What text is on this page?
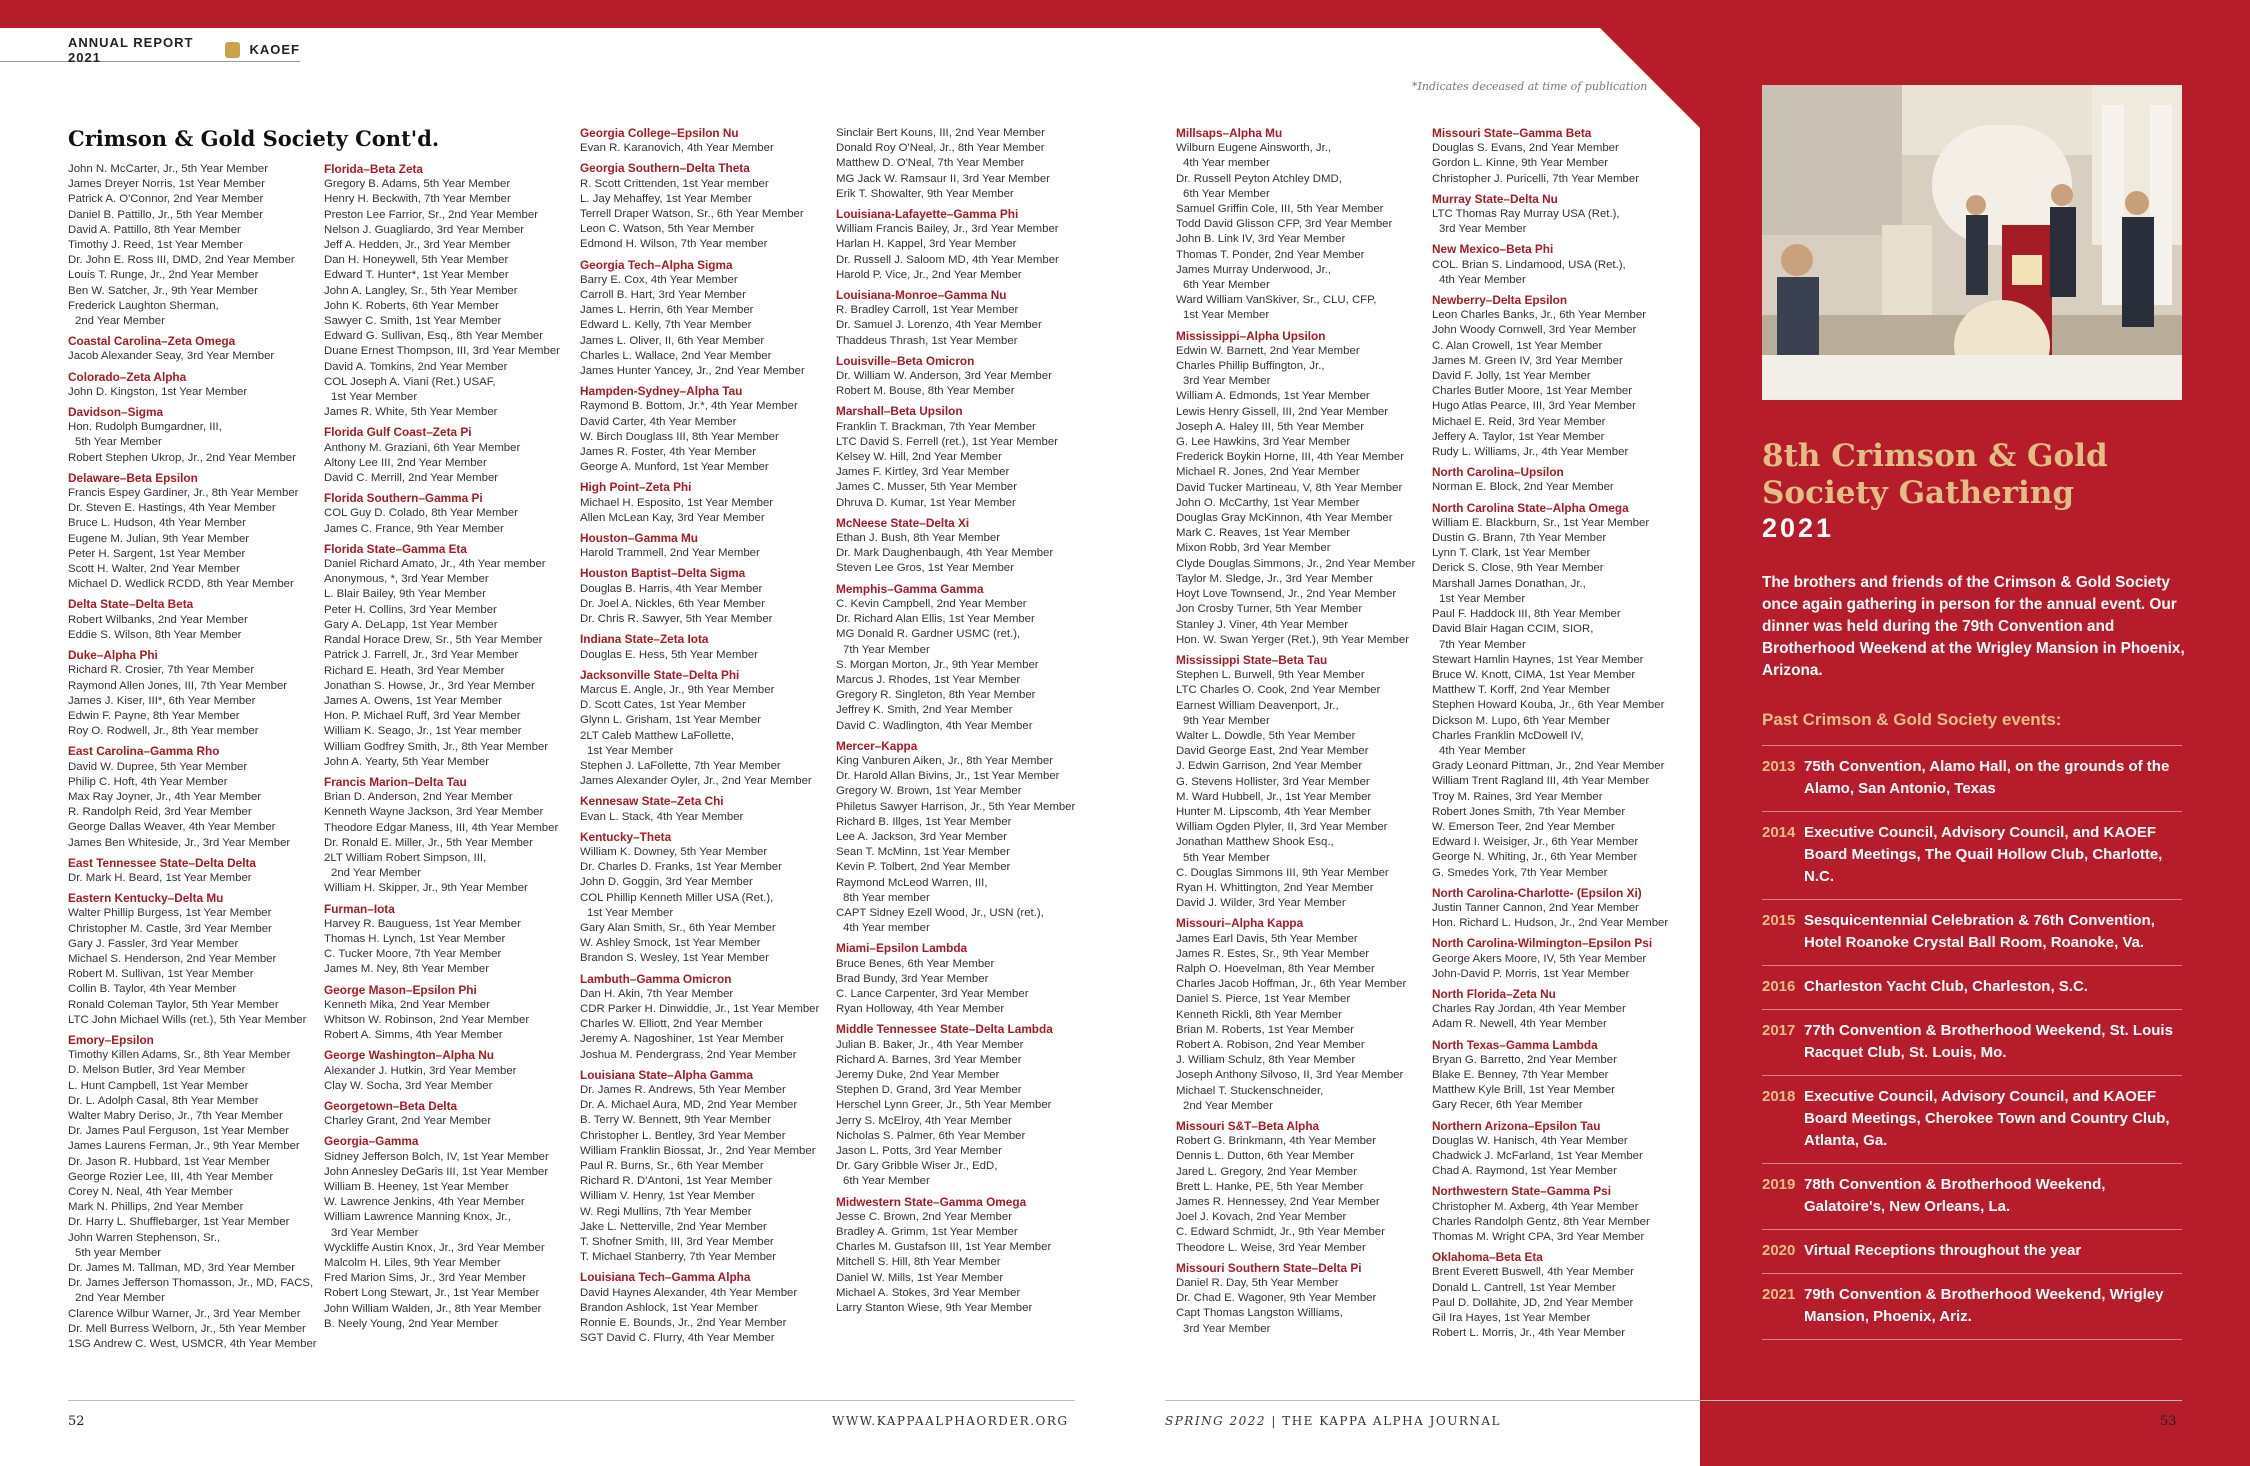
ANNUAL REPORT 2021	KAOEF
Crimson & Gold Society Cont'd.
*Indicates deceased at time of publication
John N. McCarter, Jr., 5th Year Member
James Dreyer Norris, 1st Year Member
Patrick A. O'Connor, 2nd Year Member
Daniel B. Pattillo, Jr., 5th Year Member
David A. Pattillo, 8th Year Member
Timothy J. Reed, 1st Year Member
Dr. John E. Ross III, DMD, 2nd Year Member
Louis T. Runge, Jr., 2nd Year Member
Ben W. Satcher, Jr., 9th Year Member
Frederick Laughton Sherman,
2nd Year Member
Coastal Carolina–Zeta Omega
Jacob Alexander Seay, 3rd Year Member
Colorado–Zeta Alpha
John D. Kingston, 1st Year Member
Davidson–Sigma
Hon. Rudolph Bumgardner, III,
5th Year Member
Robert Stephen Ukrop, Jr., 2nd Year Member
Delaware–Beta Epsilon
Francis Espey Gardiner, Jr., 8th Year Member
Dr. Steven E. Hastings, 4th Year Member
Bruce L. Hudson, 4th Year Member
Eugene M. Julian, 9th Year Member
Peter H. Sargent, 1st Year Member
Scott H. Walter, 2nd Year Member
Michael D. Wedlick RCDD, 8th Year Member
Delta State–Delta Beta
Robert Wilbanks, 2nd Year Member
Eddie S. Wilson, 8th Year Member
Duke–Alpha Phi
Richard R. Crosier, 7th Year Member
Raymond Allen Jones, III, 7th Year Member
James J. Kiser, III*, 6th Year Member
Edwin F. Payne, 8th Year Member
Roy O. Rodwell, Jr., 8th Year member
East Carolina–Gamma Rho
David W. Dupree, 5th Year Member
Philip C. Hoft, 4th Year Member
Max Ray Joyner, Jr., 4th Year Member
R. Randolph Reid, 3rd Year Member
George Dallas Weaver, 4th Year Member
James Ben Whiteside, Jr., 3rd Year Member
East Tennessee State–Delta Delta
Dr. Mark H. Beard, 1st Year Member
Eastern Kentucky–Delta Mu
Walter Phillip Burgess, 1st Year Member
Christopher M. Castle, 3rd Year Member
Gary J. Fassler, 3rd Year Member
Michael S. Henderson, 2nd Year Member
Robert M. Sullivan, 1st Year Member
Collin B. Taylor, 4th Year Member
Ronald Coleman Taylor, 5th Year Member
LTC John Michael Wills (ret.), 5th Year Member
Emory–Epsilon
Timothy Killen Adams, Sr., 8th Year Member
D. Melson Butler, 3rd Year Member
L. Hunt Campbell, 1st Year Member
Dr. L. Adolph Casal, 8th Year Member
Walter Mabry Deriso, Jr., 7th Year Member
Dr. James Paul Ferguson, 1st Year Member
James Laurens Ferman, Jr., 9th Year Member
Dr. Jason R. Hubbard, 1st Year Member
George Rozier Lee, III, 4th Year Member
Corey N. Neal, 4th Year Member
Mark N. Phillips, 2nd Year Member
Dr. Harry L. Shufflebarger, 1st Year Member
John Warren Stephenson, Sr.,
5th year Member
Dr. James M. Tallman, MD, 3rd Year Member
Dr. James Jefferson Thomasson, Jr., MD, FACS,
2nd Year Member
Clarence Wilbur Warner, Jr., 3rd Year Member
Dr. Mell Burress Welborn, Jr., 5th Year Member
1SG Andrew C. West, USMCR, 4th Year Member
Florida–Beta Zeta
Gregory B. Adams, 5th Year Member
Henry H. Beckwith, 7th Year Member
Preston Lee Farrior, Sr., 2nd Year Member
Nelson J. Guagliardo, 3rd Year Member
Jeff A. Hedden, Jr., 3rd Year Member
Dan H. Honeywell, 5th Year Member
Edward T. Hunter*, 1st Year Member
John A. Langley, Sr., 5th Year Member
John K. Roberts, 6th Year Member
Sawyer C. Smith, 1st Year Member
Edward G. Sullivan, Esq., 8th Year Member
Duane Ernest Thompson, III, 3rd Year Member
David A. Tomkins, 2nd Year Member
COL Joseph A. Viani (Ret.) USAF,
1st Year Member
James R. White, 5th Year Member
Florida Gulf Coast–Zeta Pi
Anthony M. Graziani, 6th Year Member
Altony Lee III, 2nd Year Member
David C. Merrill, 2nd Year Member
Florida Southern–Gamma Pi
COL Guy D. Colado, 8th Year Member
James C. France, 9th Year Member
Florida State–Gamma Eta
Daniel Richard Amato, Jr., 4th Year member
Anonymous, *, 3rd Year Member
L. Blair Bailey, 9th Year Member
Peter H. Collins, 3rd Year Member
Gary A. DeLapp, 1st Year Member
Randal Horace Drew, Sr., 5th Year Member
Patrick J. Farrell, Jr., 3rd Year Member
Richard E. Heath, 3rd Year Member
Jonathan S. Howse, Jr., 3rd Year Member
James A. Owens, 1st Year Member
Hon. P. Michael Ruff, 3rd Year Member
William K. Seago, Jr., 1st Year member
William Godfrey Smith, Jr., 8th Year Member
John A. Yearty, 5th Year Member
Francis Marion–Delta Tau
Brian D. Anderson, 2nd Year Member
Kenneth Wayne Jackson, 3rd Year Member
Theodore Edgar Maness, III, 4th Year Member
Dr. Ronald E. Miller, Jr., 5th Year Member
2LT William Robert Simpson, III,
2nd Year Member
William H. Skipper, Jr., 9th Year Member
Furman–Iota
Harvey R. Bauguess, 1st Year Member
Thomas H. Lynch, 1st Year Member
C. Tucker Moore, 7th Year Member
James M. Ney, 8th Year Member
George Mason–Epsilon Phi
Kenneth Mika, 2nd Year Member
Whitson W. Robinson, 2nd Year Member
Robert A. Simms, 4th Year Member
George Washington–Alpha Nu
Alexander J. Hutkin, 3rd Year Member
Clay W. Socha, 3rd Year Member
Georgetown–Beta Delta
Charley Grant, 2nd Year Member
Georgia–Gamma
Sidney Jefferson Bolch, IV, 1st Year Member
John Annesley DeGaris III, 1st Year Member
William B. Heeney, 1st Year Member
W. Lawrence Jenkins, 4th Year Member
William Lawrence Manning Knox, Jr.,
3rd Year Member
Wyckliffe Austin Knox, Jr., 3rd Year Member
Malcolm H. Liles, 9th Year Member
Fred Marion Sims, Jr., 3rd Year Member
Robert Long Stewart, Jr., 1st Year Member
John William Walden, Jr., 8th Year Member
B. Neely Young, 2nd Year Member
Georgia College–Epsilon Nu
Evan R. Karanovich, 4th Year Member
Georgia Southern–Delta Theta
R. Scott Crittenden, 1st Year member
L. Jay Mehaffey, 1st Year Member
Terrell Draper Watson, Sr., 6th Year Member
Leon C. Watson, 5th Year Member
Edmond H. Wilson, 7th Year member
Georgia Tech–Alpha Sigma
Barry E. Cox, 4th Year Member
Carroll B. Hart, 3rd Year Member
James L. Herrin, 6th Year Member
Edward L. Kelly, 7th Year Member
James L. Oliver, II, 6th Year Member
Charles L. Wallace, 2nd Year Member
James Hunter Yancey, Jr., 2nd Year Member
Hampden-Sydney–Alpha Tau
Raymond B. Bottom, Jr.*, 4th Year Member
David Carter, 4th Year Member
W. Birch Douglass III, 8th Year Member
James R. Foster, 4th Year Member
George A. Munford, 1st Year Member
High Point–Zeta Phi
Michael H. Esposito, 1st Year Member
Allen McLean Kay, 3rd Year Member
Houston–Gamma Mu
Harold Trammell, 2nd Year Member
Houston Baptist–Delta Sigma
Douglas B. Harris, 4th Year Member
Dr. Joel A. Nickles, 6th Year Member
Dr. Chris R. Sawyer, 5th Year Member
Indiana State–Zeta Iota
Douglas E. Hess, 5th Year Member
Jacksonville State–Delta Phi
Marcus E. Angle, Jr., 9th Year Member
D. Scott Cates, 1st Year Member
Glynn L. Grisham, 1st Year Member
2LT Caleb Matthew LaFollette,
1st Year Member
Stephen J. LaFollette, 7th Year Member
James Alexander Oyler, Jr., 2nd Year Member
Kennesaw State–Zeta Chi
Evan L. Stack, 4th Year Member
Kentucky–Theta
William K. Downey, 5th Year Member
Dr. Charles D. Franks, 1st Year Member
John D. Goggin, 3rd Year Member
COL Phillip Kenneth Miller USA (Ret.),
1st Year Member
Gary Alan Smith, Sr., 6th Year Member
W. Ashley Smock, 1st Year Member
Brandon S. Wesley, 1st Year Member
Lambuth–Gamma Omicron
Dan H. Akin, 7th Year Member
CDR Parker H. Dinwiddie, Jr., 1st Year Member
Charles W. Elliott, 2nd Year Member
Jeremy A. Nagoshiner, 1st Year Member
Joshua M. Pendergrass, 2nd Year Member
Louisiana State–Alpha Gamma
Dr. James R. Andrews, 5th Year Member
Dr. A. Michael Aura, MD, 2nd Year Member
B. Terry W. Bennett, 9th Year Member
Christopher L. Bentley, 3rd Year Member
William Franklin Biossat, Jr., 2nd Year Member
Paul R. Burns, Sr., 6th Year Member
Richard R. D'Antoni, 1st Year Member
William V. Henry, 1st Year Member
W. Regi Mullins, 7th Year Member
Jake L. Netterville, 2nd Year Member
T. Shofner Smith, III, 3rd Year Member
T. Michael Stanberry, 7th Year Member
Louisiana Tech–Gamma Alpha
David Haynes Alexander, 4th Year Member
Brandon Ashlock, 1st Year Member
Ronnie E. Bounds, Jr., 2nd Year Member
SGT David C. Flurry, 4th Year Member
Sinclair Bert Kouns, III, 2nd Year Member
Donald Roy O'Neal, Jr., 8th Year Member
Matthew D. O'Neal, 7th Year Member
MG Jack W. Ramsaur II, 3rd Year Member
Erik T. Showalter, 9th Year Member
Louisiana-Lafayette–Gamma Phi
William Francis Bailey, Jr., 3rd Year Member
Harlan H. Kappel, 3rd Year Member
Dr. Russell J. Saloom MD, 4th Year Member
Harold P. Vice, Jr., 2nd Year Member
Louisiana-Monroe–Gamma Nu
R. Bradley Carroll, 1st Year Member
Dr. Samuel J. Lorenzo, 4th Year Member
Thaddeus Thrash, 1st Year Member
Louisville–Beta Omicron
Dr. William W. Anderson, 3rd Year Member
Robert M. Bouse, 8th Year Member
Marshall–Beta Upsilon
Franklin T. Brackman, 7th Year Member
LTC David S. Ferrell (ret.), 1st Year Member
Kelsey W. Hill, 2nd Year Member
James F. Kirtley, 3rd Year Member
James C. Musser, 5th Year Member
Dhruva D. Kumar, 1st Year Member
McNeese State–Delta Xi
Ethan J. Bush, 8th Year Member
Dr. Mark Daughenbaugh, 4th Year Member
Steven Lee Gros, 1st Year Member
Memphis–Gamma Gamma
C. Kevin Campbell, 2nd Year Member
Dr. Richard Alan Ellis, 1st Year Member
MG Donald R. Gardner USMC (ret.),
7th Year Member
S. Morgan Morton, Jr., 9th Year Member
Marcus J. Rhodes, 1st Year Member
Gregory R. Singleton, 8th Year Member
Jeffrey K. Smith, 2nd Year Member
David C. Wadlington, 4th Year Member
Mercer–Kappa
King Vanburen Aiken, Jr., 8th Year Member
Dr. Harold Allan Bivins, Jr., 1st Year Member
Gregory W. Brown, 1st Year Member
Philetus Sawyer Harrison, Jr., 5th Year Member
Richard B. Illges, 1st Year Member
Lee A. Jackson, 3rd Year Member
Sean T. McMinn, 1st Year Member
Kevin P. Tolbert, 2nd Year Member
Raymond McLeod Warren, III,
8th Year member
CAPT Sidney Ezell Wood, Jr., USN (ret.),
4th Year member
Miami–Epsilon Lambda
Bruce Benes, 6th Year Member
Brad Bundy, 3rd Year Member
C. Lance Carpenter, 3rd Year Member
Ryan Holloway, 4th Year Member
Middle Tennessee State–Delta Lambda
Julian B. Baker, Jr., 4th Year Member
Richard A. Barnes, 3rd Year Member
Jeremy Duke, 2nd Year Member
Stephen D. Grand, 3rd Year Member
Herschel Lynn Greer, Jr., 5th Year Member
Jerry S. McElroy, 4th Year Member
Nicholas S. Palmer, 6th Year Member
Jason L. Potts, 3rd Year Member
Dr. Gary Gribble Wiser Jr., EdD,
6th Year Member
Midwestern State–Gamma Omega
Jesse C. Brown, 2nd Year Member
Bradley A. Grimm, 1st Year Member
Charles M. Gustafson III, 1st Year Member
Mitchell S. Hill, 8th Year Member
Daniel W. Mills, 1st Year Member
Michael A. Stokes, 3rd Year Member
Larry Stanton Wiese, 9th Year Member
Millsaps–Alpha Mu
Wilburn Eugene Ainsworth, Jr.,
4th Year member
Dr. Russell Peyton Atchley DMD,
6th Year Member
Samuel Griffin Cole, III, 5th Year Member
Todd David Glisson CFP, 3rd Year Member
John B. Link IV, 3rd Year Member
Thomas T. Ponder, 2nd Year Member
James Murray Underwood, Jr.,
6th Year Member
Ward William VanSkiver, Sr., CLU, CFP,
1st Year Member
Mississippi–Alpha Upsilon
Edwin W. Barnett, 2nd Year Member
Charles Phillip Buffington, Jr.,
3rd Year Member
William A. Edmonds, 1st Year Member
Lewis Henry Gissell, III, 2nd Year Member
Joseph A. Haley III, 5th Year Member
G. Lee Hawkins, 3rd Year Member
Frederick Boykin Horne, III, 4th Year Member
Michael R. Jones, 2nd Year Member
David Tucker Martineau, V, 8th Year Member
John O. McCarthy, 1st Year Member
Douglas Gray McKinnon, 4th Year Member
Mark C. Reaves, 1st Year Member
Mixon Robb, 3rd Year Member
Clyde Douglas Simmons, Jr., 2nd Year Member
Taylor M. Sledge, Jr., 3rd Year Member
Hoyt Love Townsend, Jr., 2nd Year Member
Jon Crosby Turner, 5th Year Member
Stanley J. Viner, 4th Year Member
Hon. W. Swan Yerger (Ret.), 9th Year Member
Mississippi State–Beta Tau
Stephen L. Burwell, 9th Year Member
LTC Charles O. Cook, 2nd Year Member
Earnest William Deavenport, Jr.,
9th Year Member
Walter L. Dowdle, 5th Year Member
David George East, 2nd Year Member
J. Edwin Garrison, 2nd Year Member
G. Stevens Hollister, 3rd Year Member
M. Ward Hubbell, Jr., 1st Year Member
Hunter M. Lipscomb, 4th Year Member
William Ogden Plyler, II, 3rd Year Member
Jonathan Matthew Shook Esq.,
5th Year Member
C. Douglas Simmons III, 9th Year Member
Ryan H. Whittington, 2nd Year Member
David J. Wilder, 3rd Year Member
Missouri–Alpha Kappa
James Earl Davis, 5th Year Member
James R. Estes, Sr., 9th Year Member
Ralph O. Hoevelman, 8th Year Member
Charles Jacob Hoffman, Jr., 6th Year Member
Daniel S. Pierce, 1st Year Member
Kenneth Rickli, 8th Year Member
Brian M. Roberts, 1st Year Member
Robert A. Robison, 2nd Year Member
J. William Schulz, 8th Year Member
Joseph Anthony Silvoso, II, 3rd Year Member
Michael T. Stuckenschneider,
2nd Year Member
Missouri S&T–Beta Alpha
Robert G. Brinkmann, 4th Year Member
Dennis L. Dutton, 6th Year Member
Jared L. Gregory, 2nd Year Member
Brett L. Hanke, PE, 5th Year Member
James R. Hennessey, 2nd Year Member
Joel J. Kovach, 2nd Year Member
C. Edward Schmidt, Jr., 9th Year Member
Theodore L. Weise, 3rd Year Member
Missouri Southern State–Delta Pi
Daniel R. Day, 5th Year Member
Dr. Chad E. Wagoner, 9th Year Member
Capt Thomas Langston Williams,
3rd Year Member
Missouri State–Gamma Beta
Douglas S. Evans, 2nd Year Member
Gordon L. Kinne, 9th Year Member
Christopher J. Puricelli, 7th Year Member
Murray State–Delta Nu
LTC Thomas Ray Murray USA (Ret.),
3rd Year Member
New Mexico–Beta Phi
COL. Brian S. Lindamood, USA (Ret.),
4th Year Member
Newberry–Delta Epsilon
Leon Charles Banks, Jr., 6th Year Member
John Woody Cornwell, 3rd Year Member
C. Alan Crowell, 1st Year Member
James M. Green IV, 3rd Year Member
David F. Jolly, 1st Year Member
Charles Butler Moore, 1st Year Member
Hugo Atlas Pearce, III, 3rd Year Member
Michael E. Reid, 3rd Year Member
Jeffery A. Taylor, 1st Year Member
Rudy L. Williams, Jr., 4th Year Member
North Carolina–Upsilon
Norman E. Block, 2nd Year Member
North Carolina State–Alpha Omega
William E. Blackburn, Sr., 1st Year Member
Dustin G. Brann, 7th Year Member
Lynn T. Clark, 1st Year Member
Derick S. Close, 9th Year Member
Marshall James Donathan, Jr.,
1st Year Member
Paul F. Haddock III, 8th Year Member
David Blair Hagan CCIM, SIOR,
7th Year Member
Stewart Hamlin Haynes, 1st Year Member
Bruce W. Knott, CIMA, 1st Year Member
Matthew T. Korff, 2nd Year Member
Stephen Howard Kouba, Jr., 6th Year Member
Dickson M. Lupo, 6th Year Member
Charles Franklin McDowell IV,
4th Year Member
Grady Leonard Pittman, Jr., 2nd Year Member
William Trent Ragland III, 4th Year Member
Troy M. Raines, 3rd Year Member
Robert Jones Smith, 7th Year Member
W. Emerson Teer, 2nd Year Member
Edward I. Weisiger, Jr., 6th Year Member
George N. Whiting, Jr., 6th Year Member
G. Smedes York, 7th Year Member
North Carolina-Charlotte- (Epsilon Xi)
Justin Tanner Cannon, 2nd Year Member
Hon. Richard L. Hudson, Jr., 2nd Year Member
North Carolina-Wilmington–Epsilon Psi
George Akers Moore, IV, 5th Year Member
John-David P. Morris, 1st Year Member
North Florida–Zeta Nu
Charles Ray Jordan, 4th Year Member
Adam R. Newell, 4th Year Member
North Texas–Gamma Lambda
Bryan G. Barretto, 2nd Year Member
Blake E. Benney, 7th Year Member
Matthew Kyle Brill, 1st Year Member
Gary Recer, 6th Year Member
Northern Arizona–Epsilon Tau
Douglas W. Hanisch, 4th Year Member
Chadwick J. McFarland, 1st Year Member
Chad A. Raymond, 1st Year Member
Northwestern State–Gamma Psi
Christopher M. Axberg, 4th Year Member
Charles Randolph Gentz, 8th Year Member
Thomas M. Wright CPA, 3rd Year Member
Oklahoma–Beta Eta
Brent Everett Buswell, 4th Year Member
Donald L. Cantrell, 1st Year Member
Paul D. Dollahite, JD, 2nd Year Member
Gil Ira Hayes, 1st Year Member
Robert L. Morris, Jr., 4th Year Member
52	WWW.KAPPAALPHAORDER.ORG	SPRING 2022 | THE KAPPA ALPHA JOURNAL	53
8th Crimson & Gold
Society Gathering
2021
The brothers and friends of the Crimson & Gold Society once again gathering in person for the annual event. Our dinner was held during the 79th Convention and Brotherhood Weekend at the Wrigley Mansion in Phoenix, Arizona.
Past Crimson & Gold Society events:
2013 75th Convention, Alamo Hall, on the grounds of the Alamo, San Antonio, Texas
2014 Executive Council, Advisory Council, and KAOEF Board Meetings, The Quail Hollow Club, Charlotte, N.C.
2015 Sesquicentennial Celebration & 76th Convention, Hotel Roanoke Crystal Ball Room, Roanoke, Va.
2016 Charleston Yacht Club, Charleston, S.C.
2017 77th Convention & Brotherhood Weekend, St. Louis Racquet Club, St. Louis, Mo.
2018 Executive Council, Advisory Council, and KAOEF Board Meetings, Cherokee Town and Country Club, Atlanta, Ga.
2019 78th Convention & Brotherhood Weekend, Galatoire's, New Orleans, La.
2020 Virtual Receptions throughout the year
2021 79th Convention & Brotherhood Weekend, Wrigley Mansion, Phoenix, Ariz.
